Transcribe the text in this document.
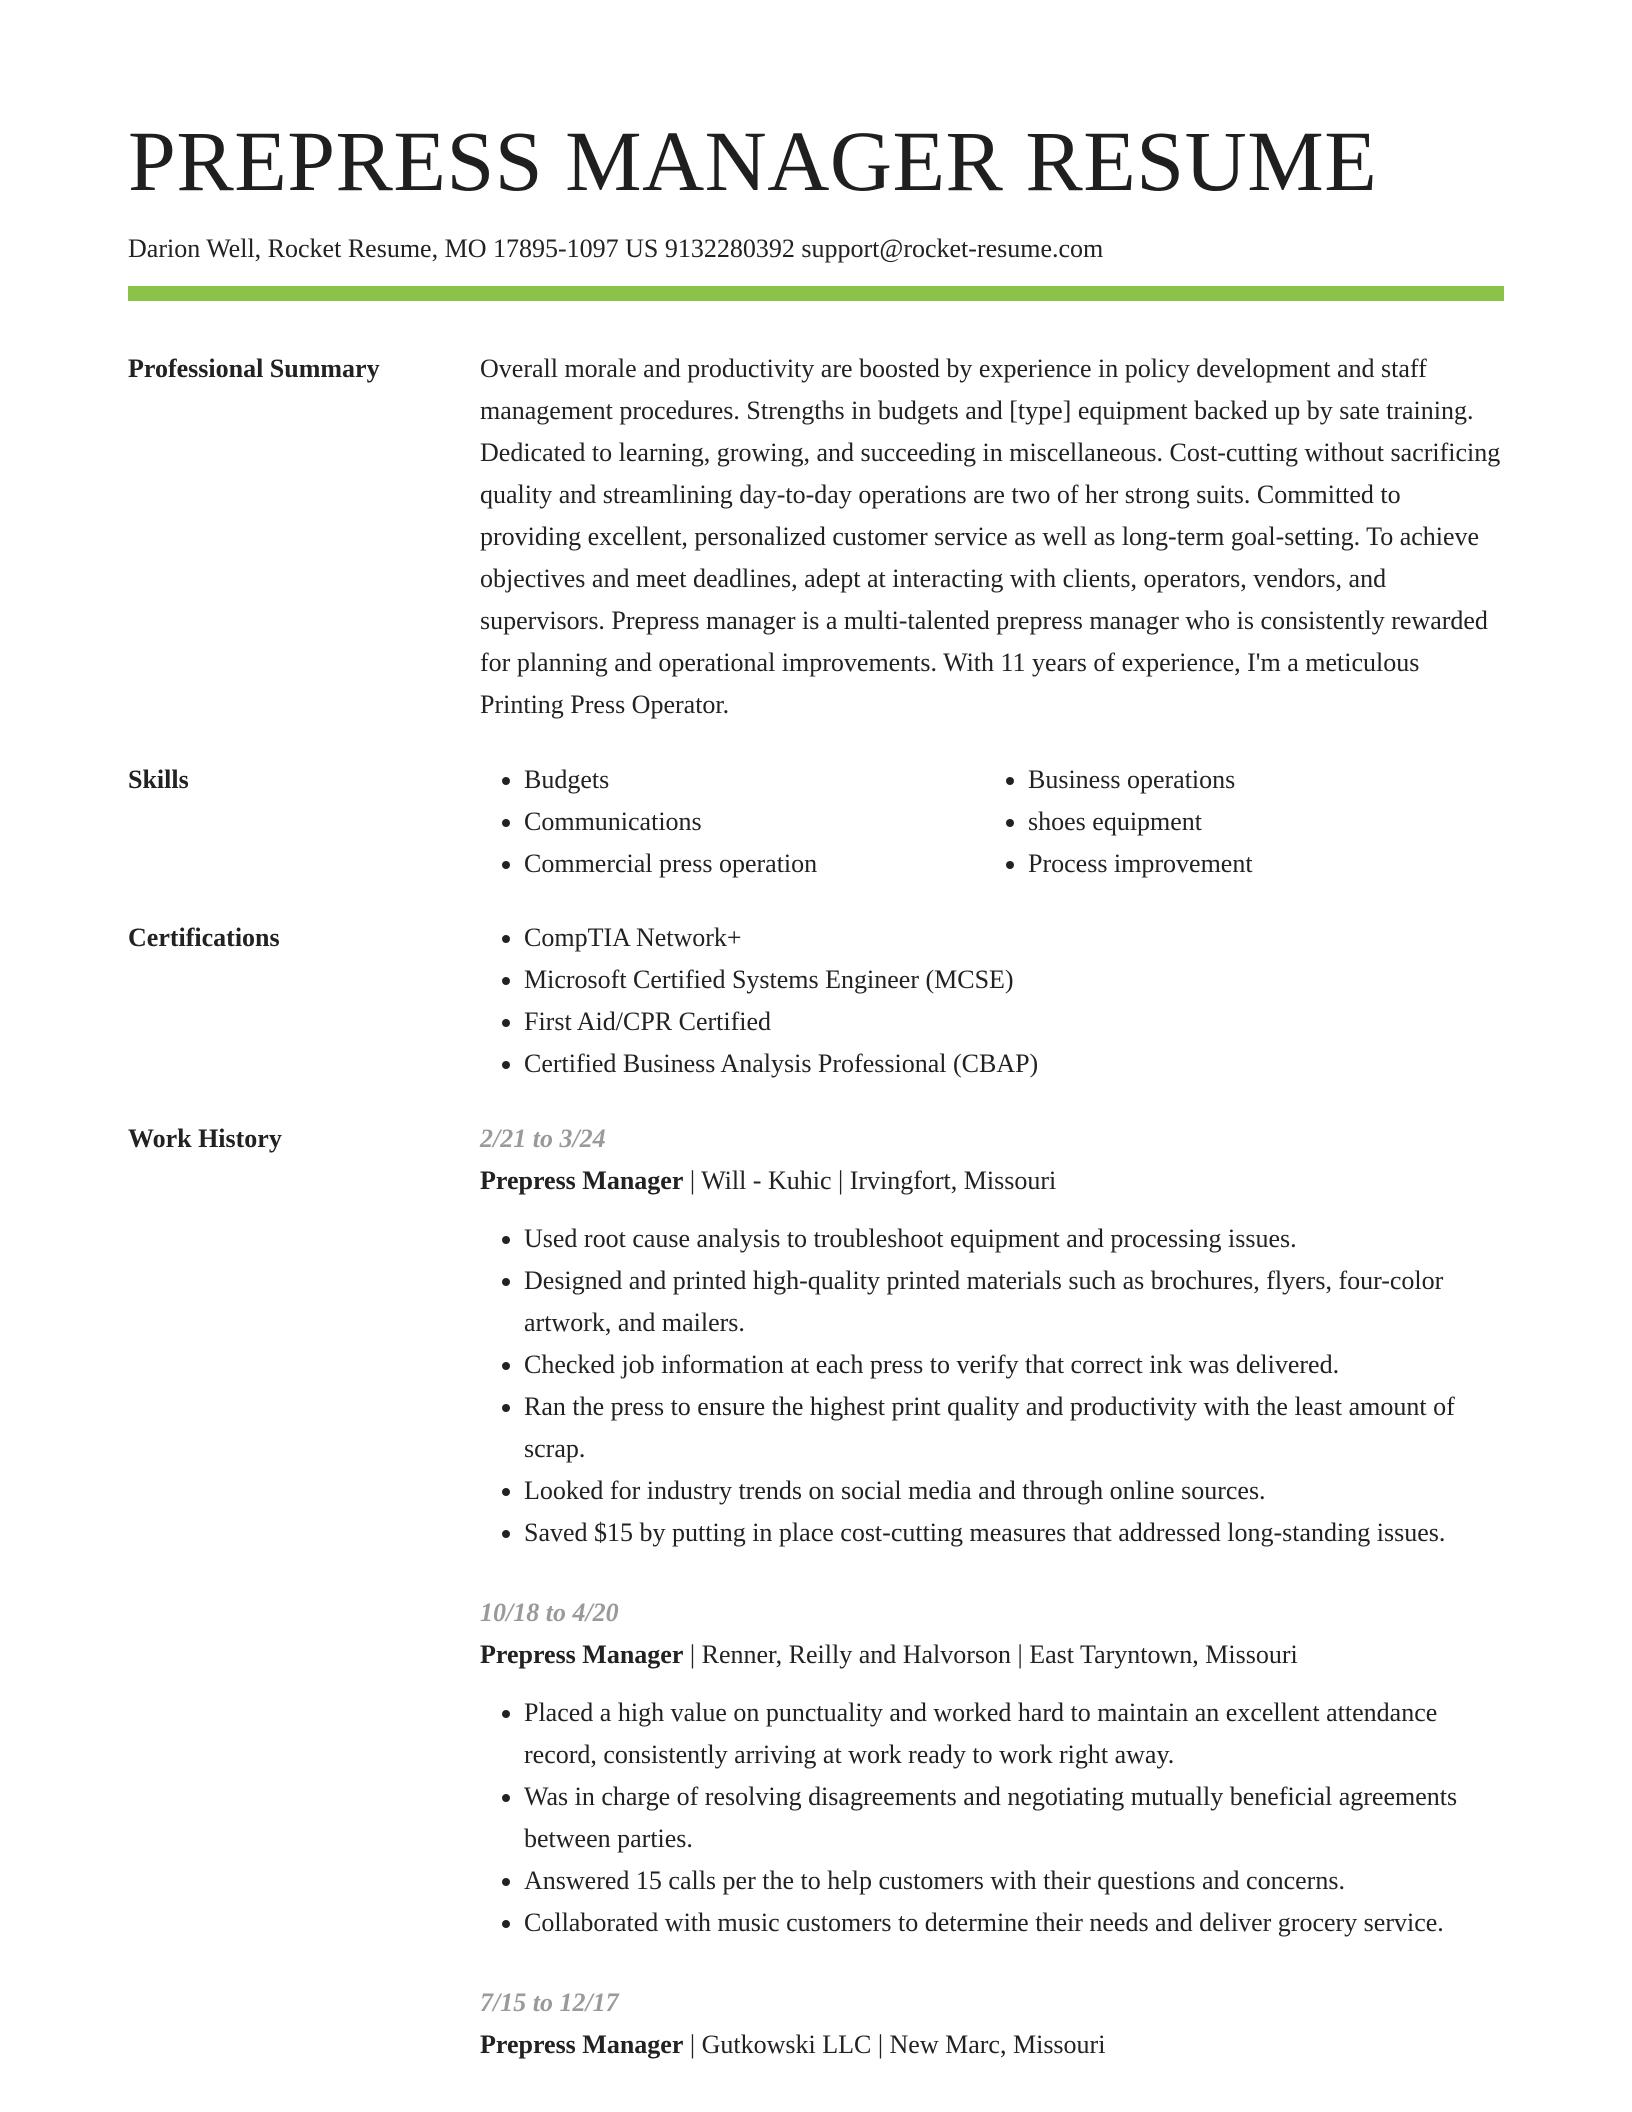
PREPRESS MANAGER RESUME
Darion Well, Rocket Resume, MO 17895-1097 US 9132280392 support@rocket-resume.com
Professional Summary	Overall morale and productivity are boosted by experience in policy development and staff management procedures. Strengths in budgets and [type] equipment backed up by sate training. Dedicated to learning, growing, and succeeding in miscellaneous. Cost-cutting without sacrificing quality and streamlining day-to-day operations are two of her strong suits. Committed to providing excellent, personalized customer service as well as long-term goal-setting. To achieve objectives and meet deadlines, adept at interacting with clients, operators, vendors, and supervisors. Prepress manager is a multi-talented prepress manager who is consistently rewarded for planning and operational improvements. With 11 years of experience, I'm a meticulous Printing Press Operator.

Skills	• Budgets
• Communications
• Commercial press operation
• Business operations
• shoes equipment
• Process improvement
Certifications	• CompTIA Network+
• Microsoft Certified Systems Engineer (MCSE)
• First Aid/CPR Certified
• Certified Business Analysis Professional (CBAP)
Work History	2/21 to 3/24
Prepress Manager | Will - Kuhic | Irvingfort, Missouri
• Used root cause analysis to troubleshoot equipment and processing issues.
• Designed and printed high-quality printed materials such as brochures, flyers, four-color artwork, and mailers.
• Checked job information at each press to verify that correct ink was delivered.
• Ran the press to ensure the highest print quality and productivity with the least amount of scrap.
• Looked for industry trends on social media and through online sources.
• Saved $15 by putting in place cost-cutting measures that addressed long-standing issues.
10/18 to 4/20
Prepress Manager | Renner, Reilly and Halvorson | East Taryntown, Missouri
• Placed a high value on punctuality and worked hard to maintain an excellent attendance record, consistently arriving at work ready to work right away.
• Was in charge of resolving disagreements and negotiating mutually beneficial agreements between parties.
• Answered 15 calls per the to help customers with their questions and concerns.
• Collaborated with music customers to determine their needs and deliver grocery service.
7/15 to 12/17
Prepress Manager | Gutkowski LLC | New Marc, Missouri
